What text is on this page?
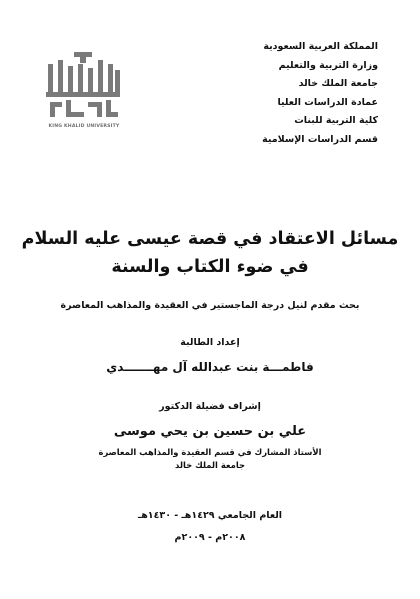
المملكة العربية السعودية
وزارة التربية والتعليم
جامعة الملك خالد
عمادة الدراسات العليا
كلية التربية للبنات
قسم الدراسات الإسلامية
KING KHALID UNIVERSITY
مسائل الاعتقاد في قصة عيسى عليه السلام
في ضوء الكتاب والسنة
بحث مقدم لنيل درجة الماجستير في العقيدة والمذاهب المعاصرة
إعداد الطالبة
فاطمـــة بنت عبدالله آل مهـــــــدي
إشراف فضيلة الدكتور
علي بن حسين بن يحي موسى
الأستاذ المشارك في قسم العقيدة والمذاهب المعاصرة
جامعة الملك خالد
العام الجامعي ١٤٢٩هـ - ١٤٣٠هـ
٢٠٠٨م - ٢٠٠٩م
